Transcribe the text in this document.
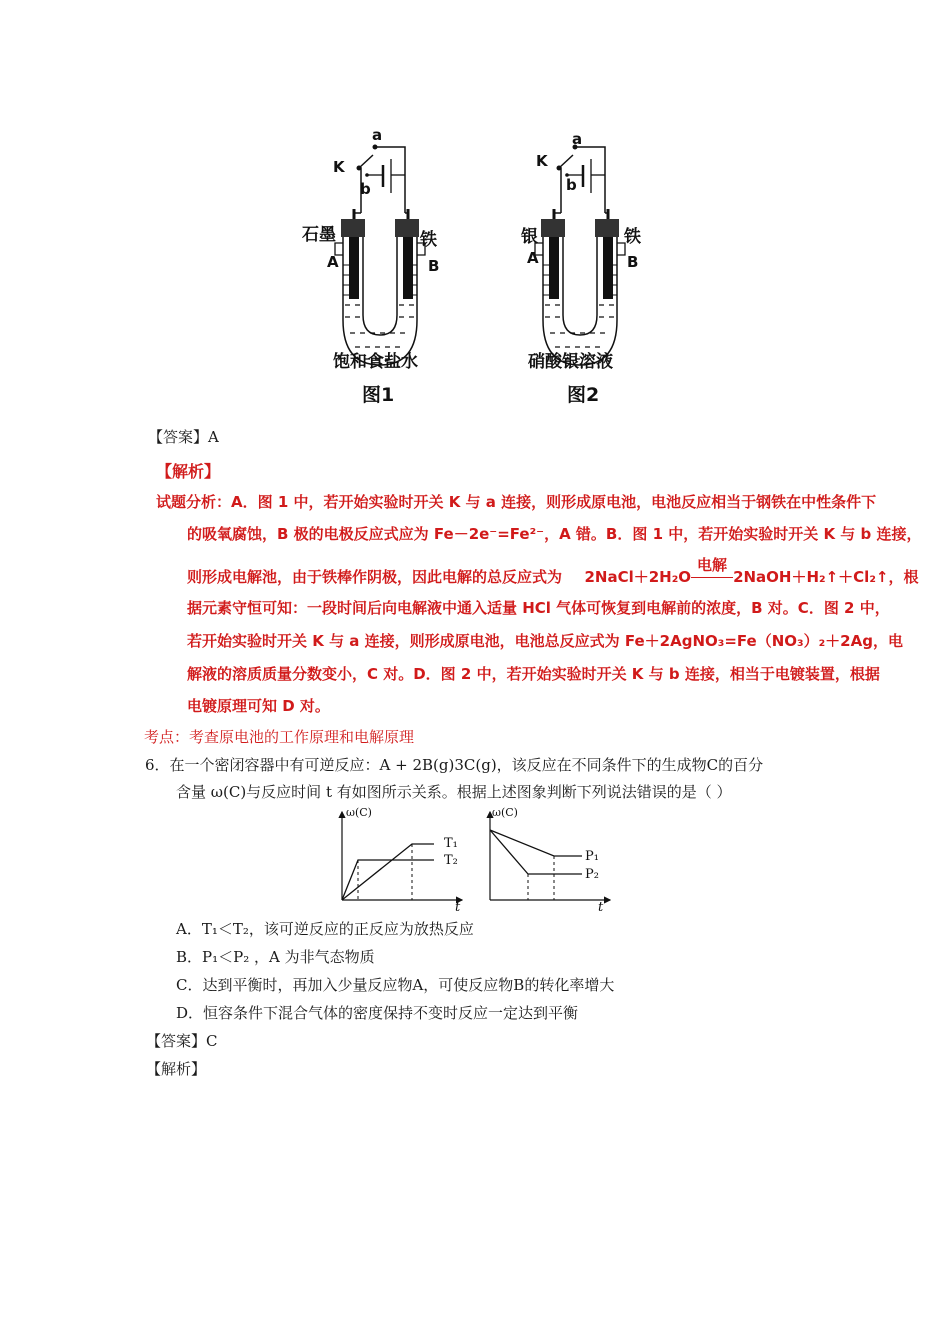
a
K
b
石墨	铁
A	B
饱和食盐水
图1
a
K
b
银	铁
A	B
硝酸银溶液
图2
【答案】A
【解析】
试题分析：A．图 1 中，若开始实验时开关 K 与 a 连接，则形成原电池，电池反应相当于钢铁在中性条件下
的吸氧腐蚀，B 极的电极反应式应为 Fe－2e⁻=Fe²⁻，A 错。B．图 1 中，若开始实验时开关 K 与 b 连接，
则形成电解池，由于铁棒作阴极，因此电解的总反应式为 2NaCl＋2H₂O
电解
2NaOH＋H₂↑＋Cl₂↑，根
据元素守恒可知：一段时间后向电解液中通入适量 HCl 气体可恢复到电解前的浓度，B 对。C．图 2 中，
若开始实验时开关 K 与 a 连接，则形成原电池，电池总反应式为 Fe＋2AgNO₃=Fe（NO₃）₂＋2Ag，电
解液的溶质质量分数变小，C 对。D．图 2 中，若开始实验时开关 K 与 b 连接，相当于电镀装置，根据
电镀原理可知 D 对。
考点：考查原电池的工作原理和电解原理
6．在一个密闭容器中有可逆反应：A + 2B(g)3C(g)，该反应在不同条件下的生成物C的百分
含量 ω(C)与反应时间 t 有如图所示关系。根据上述图象判断下列说法错误的是（ ）
ω(C)
T₁
T₂
t
ω(C)
P₁
P₂
t
A．T₁＜T₂，该可逆反应的正反应为放热反应
B．P₁＜P₂ ，A 为非气态物质
C．达到平衡时，再加入少量反应物A，可使反应物B的转化率增大
D．恒容条件下混合气体的密度保持不变时反应一定达到平衡
【答案】C
【解析】
